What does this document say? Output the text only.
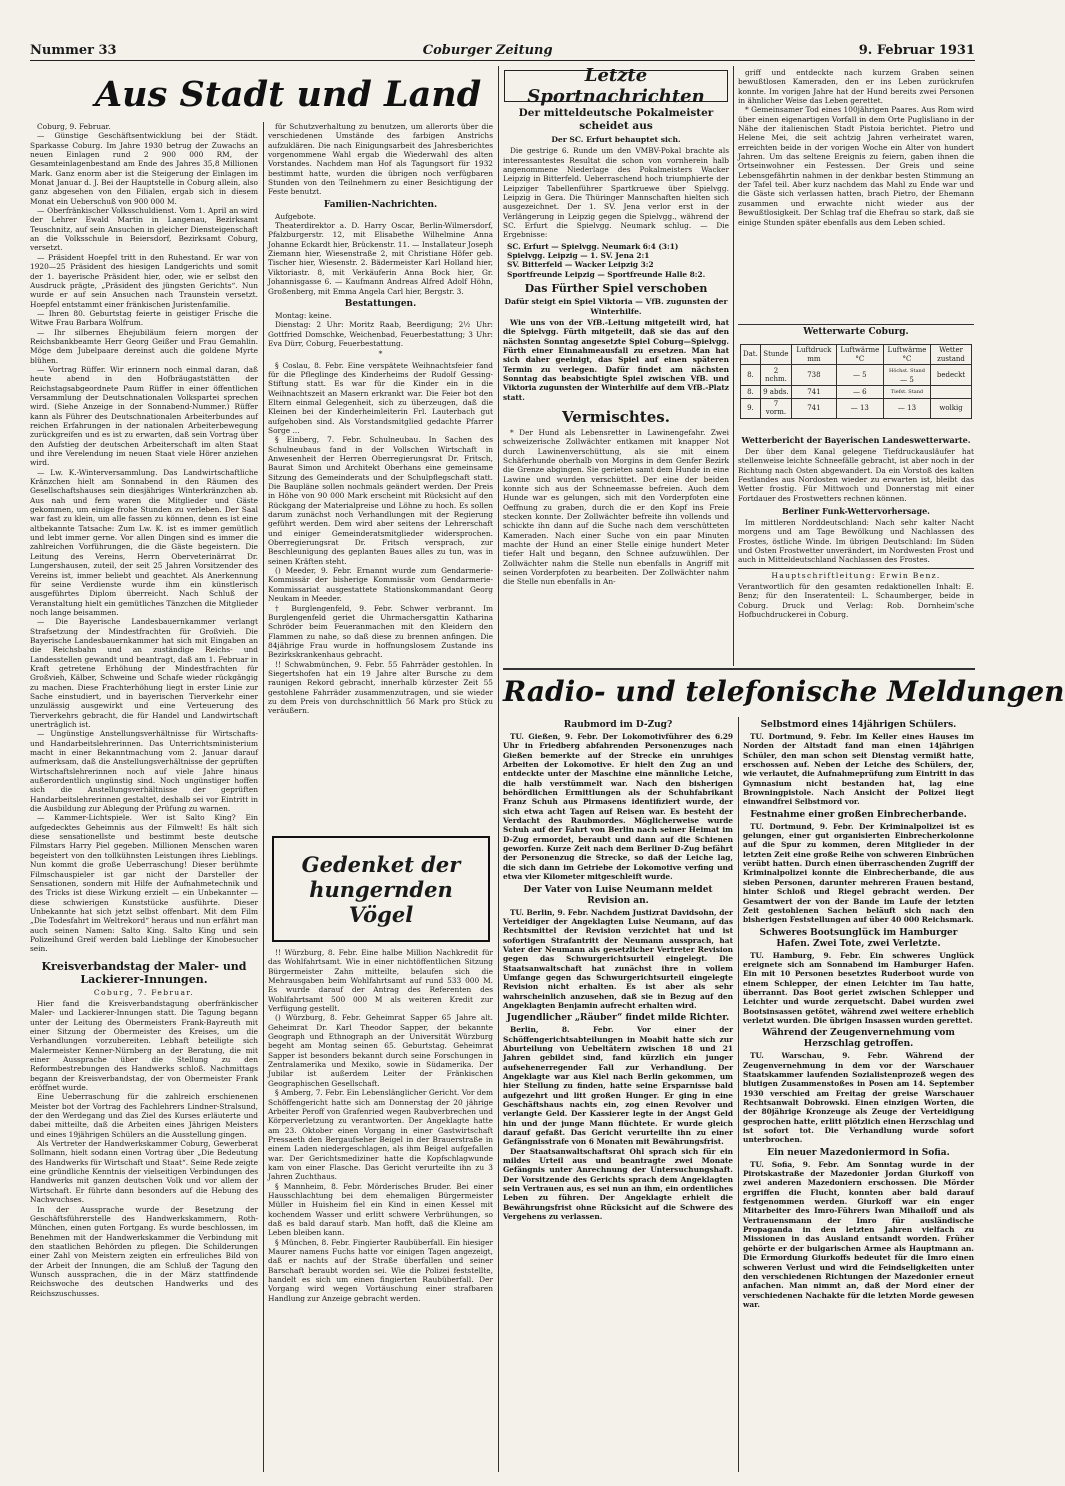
Nummer 33	Coburger Zeitung	9. Februar 1931
Aus Stadt und Land

Coburg, 9. Februar.

— Günstige Geschäftsentwicklung bei der Städt. Sparkasse Coburg. Im Jahre 1930 betrug der Zuwachs an neuen Einlagen rund 2 900 000 RM, der Gesamteinlagenbestand am Ende des Jahres 35,8 Millionen Mark. Ganz enorm aber ist die Steigerung der Einlagen im Monat Januar d. J. Bei der Hauptstelle in Coburg allein, also ganz abgesehen von den Filialen, ergab sich in diesem Monat ein Ueberschuß von 900 000 M.

— Oberfränkischer Volksschuldienst. Vom 1. April an wird der Lehrer Ewald Martin in Langenau, Bezirksamt Teuschnitz, auf sein Ansuchen in gleicher Diensteigenschaft an die Volksschule in Beiersdorf, Bezirksamt Coburg, versetzt.

— Präsident Hoepfel tritt in den Ruhestand. Er war von 1920—25 Präsident des hiesigen Landgerichts und somit der 1. bayerische Präsident hier, oder, wie er selbst den Ausdruck prägte, „Präsident des jüngsten Gerichts“. Nun wurde er auf sein Ansuchen nach Traunstein versetzt. Hoepfel entstammt einer fränkischen Juristenfamilie.

— Ihren 80. Geburtstag feierte in geistiger Frische die Witwe Frau Barbara Wolfrum.

— Ihr silbernes Ehejubiläum feiern morgen der Reichsbankbeamte Herr Georg Geißer und Frau Gemahlin. Möge dem Jubelpaare dereinst auch die goldene Myrte blühen.

— Vortrag Rüffer. Wir erinnern noch einmal daran, daß heute abend in den Hofbräugaststätten der Reichstagsabgeordnete Paum Rüffer in einer öffentlichen Versammlung der Deutschnationalen Volkspartei sprechen wird. (Siehe Anzeige in der Sonnabend-Nummer.) Rüffer kann als Führer des Deutschnationalen Arbeiterbundes auf reichen Erfahrungen in der nationalen Arbeiterbewegung zurückgreifen und es ist zu erwarten, daß sein Vortrag über den Aufstieg der deutschen Arbeiterschaft im alten Staat und ihre Verelendung im neuen Staat viele Hörer anziehen wird.

— Lw. K.-Winterversammlung. Das Landwirtschaftliche Kränzchen hielt am Sonnabend in den Räumen des Gesellschaftshauses sein diesjähriges Winterkränzchen ab. Aus nah und fern waren die Mitglieder und Gäste gekommen, um einige frohe Stunden zu verleben. Der Saal war fast zu klein, um alle fassen zu können, denn es ist eine altbekannte Tatsache: Zum Lw. K. ist es immer gemütlich und lebt immer gerne. Vor allen Dingen sind es immer die zahlreichen Vorführungen, die die Gäste begeistern. Die Leitung des Vereins, Herrn Oberveterinärrat Dr. Lungershausen, zuteil, der seit 25 Jahren Vorsitzender des Vereins ist, immer beliebt und geachtet. Als Anerkennung für seine Verdienste wurde ihm ein künstlerisch ausgeführtes Diplom überreicht. Nach Schluß der Veranstaltung hielt ein gemütliches Tänzchen die Mitglieder noch lange beisammen.

— Die Bayerische Landesbauernkammer verlangt Strafsetzung der Mindestfrachten für Großvieh. Die Bayerische Landesbauernkammer hat sich mit Eingaben an die Reichsbahn und an zuständige Reichs- und Landesstellen gewandt und beantragt, daß am 1. Februar in Kraft getretene Erhöhung der Mindestfrachten für Großvieh, Kälber, Schweine und Schafe wieder rückgängig zu machen. Diese Frachterhöhung liegt in erster Linie zur Sache einstudiert, und in bayerischen Tierverkehr einer unzulässig ausgewirkt und eine Verteuerung des Tierverkehrs gebracht, die für Handel und Landwirtschaft unerträglich ist.

— Ungünstige Anstellungsverhältnisse für Wirtschafts- und Handarbeitslehrerinnen. Das Unterrichtsministerium macht in einer Bekanntmachung vom 2. Januar darauf aufmerksam, daß die Anstellungsverhältnisse der geprüften Wirtschaftslehrerinnen noch auf viele Jahre hinaus außerordentlich ungünstig sind. Noch ungünstiger hoffen sich die Anstellungsverhältnisse der geprüften Handarbeitslehrerinnen gestaltet, deshalb sei vor Eintritt in die Ausbildung zur Ablegung der Prüfung zu warnen.

— Kammer-Lichtspiele. Wer ist Salto King? Ein aufgedecktes Geheimnis aus der Filmwelt! Es hält sich diese sensationellste und bestimmt beste deutsche Filmstars Harry Piel gegeben. Millionen Menschen waren begeistert von den tollkühnsten Leistungen ihres Lieblings. Nun kommt die große Ueberraschung! Dieser berühmte Filmschauspieler ist gar nicht der Darsteller der Sensationen, sondern mit Hilfe der Aufnahmetechnik und des Tricks ist diese Wirkung erzielt — ein Unbekannter — diese schwierigen Kunststücke ausführte. Dieser Unbekannte hat sich jetzt selbst offenbart. Mit dem Film „Die Todesfahrt im Weltrekord“ heraus und nun erfährt man auch seinen Namen: Salto King. Salto King und sein Polizeihund Greif werden bald Lieblinge der Kinobesucher sein.

Kreisverbandstag der Maler- und Lackierer-Innungen.

Coburg, 7. Februar.

Hier fand die Kreisverbandstagung oberfränkischer Maler- und Lackierer-Innungen statt. Die Tagung begann unter der Leitung des Obermeisters Frank-Bayreuth mit einer Sitzung der Obermeister des Kreises, um die Verhandlungen vorzubereiten. Lebhaft beteiligte sich Malermeister Kenner-Nürnberg an der Beratung, die mit einer Aussprache über die Stellung zu den Reformbestrebungen des Handwerks schloß. Nachmittags begann der Kreisverbandstag, der von Obermeister Frank eröffnet wurde.

Eine Ueberraschung für die zahlreich erschienenen Meister bot der Vortrag des Fachlehrers Lindner-Stralsund, der den Werdegang und das Ziel des Kurses erläuterte und dabei mitteilte, daß die Arbeiten eines Jährigen Meisters und eines 19jährigen Schülers an die Ausstellung gingen.

Als Vertreter der Handwerkskammer Coburg, Gewerberat Sollmann, hielt sodann einen Vortrag über „Die Bedeutung des Handwerks für Wirtschaft und Staat“. Seine Rede zeigte eine gründliche Kenntnis der vielseitigen Verbindungen des Handwerks mit ganzen deutschen Volk und vor allem der Wirtschaft. Er führte dann besonders auf die Hebung des Nachwuchses.

In der Aussprache wurde der Besetzung der Geschäftsführerstelle des Handwerkskammern, Roth-München, einen guten Fortgang. Es wurde beschlossen, im Benehmen mit der Handwerkskammer die Verbindung mit den staatlichen Behörden zu pflegen. Die Schilderungen einer Zahl von Meistern zeigten ein erfreuliches Bild von der Arbeit der Innungen, die am Schluß der Tagung den Wunsch aussprachen, die in der März stattfindende Reichswoche des deutschen Handwerks und des Reichszuschusses.

für Schutzverhaltung zu benutzen, um allerorts über die verschiedenen Umstände des farbigen Anstrichs aufzuklären. Die nach Einigungsarbeit des Jahresberichtes vorgenommene Wahl ergab die Wiederwahl des alten Vorstandes. Nachdem man Hof als Tagungsort für 1932 bestimmt hatte, wurden die übrigen noch verfügbaren Stunden von den Teilnehmern zu einer Besichtigung der Feste benutzt.

Familien-Nachrichten.

Aufgebote.

Theaterdirektor a. D. Harry Oscar, Berlin-Wilmersdorf, Pfalzburgerstr. 12, mit Elisabethe Wilhelmine Anna Johanne Eckardt hier, Brückenstr. 11. — Installateur Joseph Ziemann hier, Wiesenstraße 2, mit Christiane Höfer geb. Tischer hier, Wiesenstr. 2. Bädermeister Karl Holland hier, Viktoriastr. 8, mit Verkäuferin Anna Bock hier, Gr. Johannisgasse 6. — Kaufmann Andreas Alfred Adolf Höhn, Großenberg, mit Emma Angela Carl hier, Bergstr. 3.

Bestattungen.

Montag: keine.

Dienstag: 2 Uhr: Moritz Raab, Beerdigung; 2½ Uhr: Gottfried Domschke, Weichenbad, Feuerbestattung; 3 Uhr: Eva Dürr, Coburg, Feuerbestattung.

*

§ Coslau, 8. Febr. Eine verspätete Weihnachtsfeier fand für die Pfleglinge des Kinderheims der Rudolf Gessing-Stiftung statt. Es war für die Kinder ein in die Weihnachtszeit an Masern erkrankt war. Die Feier bot den Eltern einmal Gelegenheit, sich zu überzeugen, daß die Kleinen bei der Kinderheimleiterin Frl. Lauterbach gut aufgehoben sind. Als Vorstandsmitglied gedachte Pfarrer Sorge ...

§ Einberg, 7. Febr. Schulneubau. In Sachen des Schulneubaus fand in der Vollschen Wirtschaft in Anwesenheit der Herren Oberregierungsrat Dr. Fritsch, Baurat Simon und Architekt Oberhans eine gemeinsame Sitzung des Gemeinderats und der Schulpflegschaft statt. Die Baupläne sollen nochmals geändert werden. Der Preis in Höhe von 90 000 Mark erscheint mit Rücksicht auf den Rückgang der Materialpreise und Löhne zu hoch. Es sollen darum zunächst noch Verhandlungen mit der Regierung geführt werden. Dem wird aber seitens der Lehrerschaft und einiger Gemeinderatsmitglieder widersprochen. Oberregierungsrat Dr. Fritsch versprach, zur Beschleunigung des geplanten Baues alles zu tun, was in seinen Kräften steht.

() Meeder, 9. Febr. Ernannt wurde zum Gendarmerie-Kommissär der bisherige Kommissär vom Gendarmerie-Kommissariat ausgestattete Stationskommandant Georg Neukam in Meeder.

† Burglengenfeld, 9. Febr. Schwer verbrannt. Im Burglengenfeld geriet die Uhrmachersgattin Katharina Schröder beim Feueranmachen mit den Kleidern den Flammen zu nahe, so daß diese zu brennen anfingen. Die 84jährige Frau wurde in hoffnungslosem Zustande ins Bezirkskrankenhaus gebracht.

!! Schwabmünchen, 9. Febr. 55 Fahrräder gestohlen. In Siegertshofen hat ein 19 Jahre alter Bursche zu dem raunigen Rekord gebracht, innerhalb kürzester Zeit 55 gestohlene Fahrräder zusammenzutragen, und sie wieder zu dem Preis von durchschnittlich 56 Mark pro Stück zu veräußern.

Gedenket der
hungernden Vögel

!! Würzburg, 8. Febr. Eine halbe Million Nachkredit für das Wohlfahrtsamt. Wie in einer nichtöffentlichen Sitzung Bürgermeister Zahn mitteilte, belaufen sich die Mehrausgaben beim Wohlfahrtsamt auf rund 533 000 M. Es wurde darauf der Antrag des Referenten des Wohlfahrtsamt 500 000 M als weiteren Kredit zur Verfügung gestellt.

() Würzburg, 8. Febr. Geheimrat Sapper 65 Jahre alt. Geheimrat Dr. Karl Theodor Sapper, der bekannte Geograph und Ethnograph an der Universität Würzburg begeht am Montag seinen 65. Geburtstag. Geheimrat Sapper ist besonders bekannt durch seine Forschungen in Zentralamerika und Mexiko, sowie in Südamerika. Der Jubilar ist außerdem Leiter der Fränkischen Geographischen Gesellschaft.

§ Amberg, 7. Febr. Ein Lebenslänglicher Gericht. Vor dem Schöffengericht hatte sich am Donnerstag der 20 jährige Arbeiter Peroff von Grafenried wegen Raubverbrechen und Körperverletzung zu verantworten. Der Angeklagte hatte am 23. Oktober einen Vorgang in einer Gastwirtschaft Pressaeth den Bergaufseher Beigel in der Brauerstraße in einem Laden niedergeschlagen, als ihm Beigel aufgefallen war. Der Gerichtsmediziner hatte die Kopfschlagwunde kam von einer Flasche. Das Gericht verurteilte ihn zu 3 Jahren Zuchthaus.

§ Mannheim, 8. Febr. Mörderisches Bruder. Bei einer Hausschlachtung bei dem ehemaligen Bürgermeister Müller in Huisheim fiel ein Kind in einen Kessel mit kochendem Wasser und erlitt schwere Verbrühungen, so daß es bald darauf starb. Man hofft, daß die Kleine am Leben bleiben kann.

§ München, 8. Febr. Fingierter Raubüberfall. Ein hiesiger Maurer namens Fuchs hatte vor einigen Tagen angezeigt, daß er nachts auf der Straße überfallen und seiner Barschaft beraubt worden sei. Wie die Polizei feststellte, handelt es sich um einen fingierten Raubüberfall. Der Vorgang wird wegen Vortäuschung einer strafbaren Handlung zur Anzeige gebracht werden.

Letzte Sportnachrichten

Der mitteldeutsche Pokalmeister scheidet aus

Der SC. Erfurt behauptet sich.

Die gestrige 6. Runde um den VMBV-Pokal brachte als interessantestes Resultat die schon von vornherein halb angenommene Niederlage des Pokalmeisters Wacker Leipzig in Bitterfeld. Ueberraschend hoch triumphierte der Leipziger Tabellenführer Spartkruewe über Spielvgg. Leipzig in Gera. Die Thüringer Mannschaften hielten sich ausgezeichnet. Der 1. SV. Jena verlor erst in der Verlängerung in Leipzig gegen die Spielvgg., während der SC. Erfurt die Spielvgg. Neumark schlug. — Die Ergebnisse:

SC. Erfurt — Spielvgg. Neumark 6:4 (3:1)
Spielvgg. Leipzig — 1. SV. Jena 2:1
SV. Bitterfeld — Wacker Leipzig 3:2
Sportfreunde Leipzig — Sportfreunde Halle 8:2.

Das Fürther Spiel verschoben

Dafür steigt ein Spiel Viktoria — VfB. zugunsten der Winterhilfe.

Wie uns von der VfB.-Leitung mitgeteilt wird, hat die Spielvgg. Fürth mitgeteilt, daß sie das auf den nächsten Sonntag angesetzte Spiel Coburg—Spielvgg. Fürth einer Einnahmeausfall zu ersetzen. Man hat sich daher geeinigt, das Spiel auf einen späteren Termin zu verlegen. Dafür findet am nächsten Sonntag das beabsichtigte Spiel zwischen VfB. und Viktoria zugunsten der Winterhilfe auf dem VfB.-Platz statt.

Vermischtes.

* Der Hund als Lebensretter in Lawinengefahr. Zwei schweizerische Zollwächter entkamen mit knapper Not durch Lawinenverschüttung, als sie mit einem Schäferhunde oberhalb von Morgins in dem Genfer Bezirk die Grenze abgingen. Sie gerieten samt dem Hunde in eine Lawine und wurden verschüttet. Der eine der beiden konnte sich aus der Schneemasse befreien. Auch dem Hunde war es gelungen, sich mit den Vorderpfoten eine Oeffnung zu graben, durch die er den Kopf ins Freie stecken konnte. Der Zollwächter befreite ihn vollends und schickte ihn dann auf die Suche nach dem verschütteten Kameraden. Nach einer Suche von ein paar Minuten machte der Hund an einer Stelle einige hundert Meter tiefer Halt und begann, den Schnee aufzuwühlen. Der Zollwächter nahm die Stelle nun ebenfalls in Angriff mit seinen Vorderpfoten zu bearbeiten. Der Zollwächter nahm die Stelle nun ebenfalls in An-

griff und entdeckte nach kurzem Graben seinen bewußtlosen Kameraden, den er ins Leben zurückrufen konnte. Im vorigen Jahre hat der Hund bereits zwei Personen in ähnlicher Weise das Leben gerettet.

* Gemeinsamer Tod eines 100jährigen Paares. Aus Rom wird über einen eigenartigen Vorfall in dem Orte Puglisliano in der Nähe der italienischen Stadt Pistoia berichtet. Pietro und Helene Mei, die seit achtzig Jahren verheiratet waren, erreichten beide in der vorigen Woche ein Alter von hundert Jahren. Um das seltene Ereignis zu feiern, gaben ihnen die Ortseinwohner ein Festessen. Der Greis und seine Lebensgefährtin nahmen in der denkbar besten Stimmung an der Tafel teil. Aber kurz nachdem das Mahl zu Ende war und die Gäste sich verlassen hatten, brach Pietro, der Ehemann zusammen und erwachte nicht wieder aus der Bewußtlosigkeit. Der Schlag traf die Ehefrau so stark, daß sie einige Stunden später ebenfalls aus dem Leben schied.

Wetterwarte Coburg.

Dat.	Stunde	Luftdruck mm	Luftwärme °C	Luftwärme °C	Wetter zustand
8.	2 nchm.	738	— 5	Höchst. Stand
— 5	bedeckt
8.	9 abds.	741	— 6	Tiefst. Stand

9.	7 vorm.	741	— 13	— 13	wolkig

Wetterbericht der Bayerischen Landeswetterwarte.

Der über dem Kanal gelegene Tiefdruckausläufer hat stellenweise leichte Schneefälle gebracht, ist aber noch in der Richtung nach Osten abgewandert. Da ein Vorstoß des kalten Festlandes aus Nordosten wieder zu erwarten ist, bleibt das Wetter frostig. Für Mittwoch und Donnerstag mit einer Fortdauer des Frostwetters rechnen können.

Berliner Funk-Wettervorhersage.

Im mittleren Norddeutschland: Nach sehr kalter Nacht morgens und am Tage Bewölkung und Nachlassen des Frostes, östliche Winde. Im übrigen Deutschland: Im Süden und Osten Frostwetter unverändert, im Nordwesten Frost und auch in Mitteldeutschland Nachlassen des Frostes.

Hauptschriftleitung: Erwin Benz.

Verantwortlich für den gesamten redaktionellen Inhalt: E. Benz; für den Inseratenteil: L. Schaumberger, beide in Coburg. Druck und Verlag: Rob. Dornheim'sche Hofbuchdruckerei in Coburg.

Radio- und telefonische Meldungen

Raubmord im D-Zug?

TU. Gießen, 9. Febr. Der Lokomotivführer des 6.29 Uhr in Friedberg abfahrenden Personenzuges nach Gießen bemerkte auf der Strecke ein unruhiges Arbeiten der Lokomotive. Er hielt den Zug an und entdeckte unter der Maschine eine männliche Leiche, die halb verstümmelt war. Nach den bisherigen behördlichen Ermittlungen als der Schuhfabrikant Franz Schuh aus Pirmasens identifiziert wurde, der sich etwa acht Tagen auf Reisen war. Es besteht der Verdacht des Raubmordes. Möglicherweise wurde Schuh auf der Fahrt von Berlin nach seiner Heimat im D-Zug ermordet, beraubt und dann auf die Schienen geworfen. Kurze Zeit nach dem Berliner D-Zug befährt der Personenzug die Strecke, so daß der Leiche lag, die sich dann im Getriebe der Lokomotive verfing und etwa vier Kilometer mitgeschleift wurde.

Der Vater von Luise Neumann meldet Revision an.

TU. Berlin, 9. Febr. Nachdem Justizrat Davidsohn, der Verteidiger der Angeklagten Luise Neumann, auf das Rechtsmittel der Revision verzichtet hat und ist sofortigen Strafantritt der Neumann aussprach, hat Vater der Neumann als gesetzlicher Vertreter Revision gegen das Schwurgerichtsurteil eingelegt. Die Staatsanwaltschaft hat zunächst ihre in vollem Umfange gegen das Schwurgerichtsurteil eingelegte Revision nicht erhalten. Es ist aber als sehr wahrscheinlich anzusehen, daß sie in Bezug auf den Angeklagten Benjamin aufrecht erhalten wird.

Jugendlicher „Räuber“ findet milde Richter.

Berlin, 8. Febr. Vor einer der Schöffengerichtsabteilungen in Moabit hatte sich zur Aburteilung von Uebeltätern zwischen 18 und 21 Jahren gebildet sind, fand kürzlich ein junger aufsehenerregender Fall zur Verhandlung. Der Angeklagte war aus Kiel nach Berlin gekommen, um hier Stellung zu finden, hatte seine Ersparnisse bald aufgezehrt und litt großen Hunger. Er ging in eine Geschäftshaus nachts ein, zog einen Revolver und verlangte Geld. Der Kassierer legte in der Angst Geld hin und der junge Mann flüchtete. Er wurde gleich darauf gefaßt. Das Gericht verurteilte ihn zu einer Gefängnisstrafe von 6 Monaten mit Bewährungsfrist.

Der Staatsanwaltschaftsrat Ohl sprach sich für ein mildes Urteil aus und beantragte zwei Monate Gefängnis unter Anrechnung der Untersuchungshaft. Der Vorsitzende des Gerichts sprach dem Angeklagten sein Vertrauen aus, es sei nun an ihm, ein ordentliches Leben zu führen. Der Angeklagte erhielt die Bewährungsfrist ohne Rücksicht auf die Schwere des Vergehens zu verlassen.

Selbstmord eines 14jährigen Schülers.

TU. Dortmund, 9. Febr. Im Keller eines Hauses im Norden der Altstadt fand man einen 14jährigen Schüler, den man schon seit Dienstag vermißt hatte, erschossen auf. Neben der Leiche des Schülers, der, wie verlautet, die Aufnahmeprüfung zum Eintritt in das Gymnasium nicht bestanden hat, lag eine Browningpistole. Nach Ansicht der Polizei liegt einwandfrei Selbstmord vor.

Festnahme einer großen Einbrecherbande.

TU. Dortmund, 9. Febr. Der Kriminalpolizei ist es gelungen, einer gut organisierten Einbrecherkolonne auf die Spur zu kommen, deren Mitglieder in der letzten Zeit eine große Reihe von schweren Einbrüchen verübt hatten. Durch einen überraschenden Zugriff der Kriminalpolizei konnte die Einbrecherbande, die aus sieben Personen, darunter mehreren Frauen bestand, hinter Schloß und Riegel gebracht werden. Der Gesamtwert der von der Bande im Laufe der letzten Zeit gestohlenen Sachen beläuft sich nach den bisherigen Feststellungen auf über 40 000 Reichsmark.

Schweres Bootsunglück im Hamburger Hafen. Zwei Tote, zwei Verletzte.

TU. Hamburg, 9. Febr. Ein schweres Unglück ereignete sich am Sonnabend im Hamburger Hafen. Ein mit 10 Personen besetztes Ruderboot wurde von einem Schlepper, der einen Leichter im Tau hatte, überrannt. Das Boot geriet zwischen Schlepper und Leichter und wurde zerquetscht. Dabei wurden zwei Bootsinsassen getötet, während zwei weitere erheblich verletzt wurden. Die übrigen Insassen wurden gerettet.

Während der Zeugenvernehmung vom Herzschlag getroffen.

TU. Warschau, 9. Febr. Während der Zeugenvernehmung in dem vor der Warschauer Staatskammer laufenden Sozialistenprozeß wegen des blutigen Zusammenstoßes in Posen am 14. September 1930 verschied am Freitag der greise Warschauer Rechtsanwalt Dobrowski. Einen einzigen Worten, die der 80jährige Kronzeuge als Zeuge der Verteidigung gesprochen hatte, erlitt plötzlich einen Herzschlag und ist sofort tot. Die Verhandlung wurde sofort unterbrochen.

Ein neuer Mazedoniermord in Sofia.

TU. Sofia, 9. Febr. Am Sonntag wurde in der Pirotskastraße der Mazedonier Jordan Giurkoff von zwei anderen Mazedoniern erschossen. Die Mörder ergriffen die Flucht, konnten aber bald darauf festgenommen werden. Giurkoff war ein enger Mitarbeiter des Imro-Führers Iwan Mihailoff und als Vertrauensmann der Imro für ausländische Propaganda in den letzten Jahren vielfach zu Missionen in das Ausland entsandt worden. Früher gehörte er der bulgarischen Armee als Hauptmann an. Die Ermordung Giurkoffs bedeutet für die Imro einen schweren Verlust und wird die Feindseligkeiten unter den verschiedenen Richtungen der Mazedonier erneut anfachen. Man nimmt an, daß der Mord einer der verschiedenen Nachakte für die letzten Morde gewesen war.
